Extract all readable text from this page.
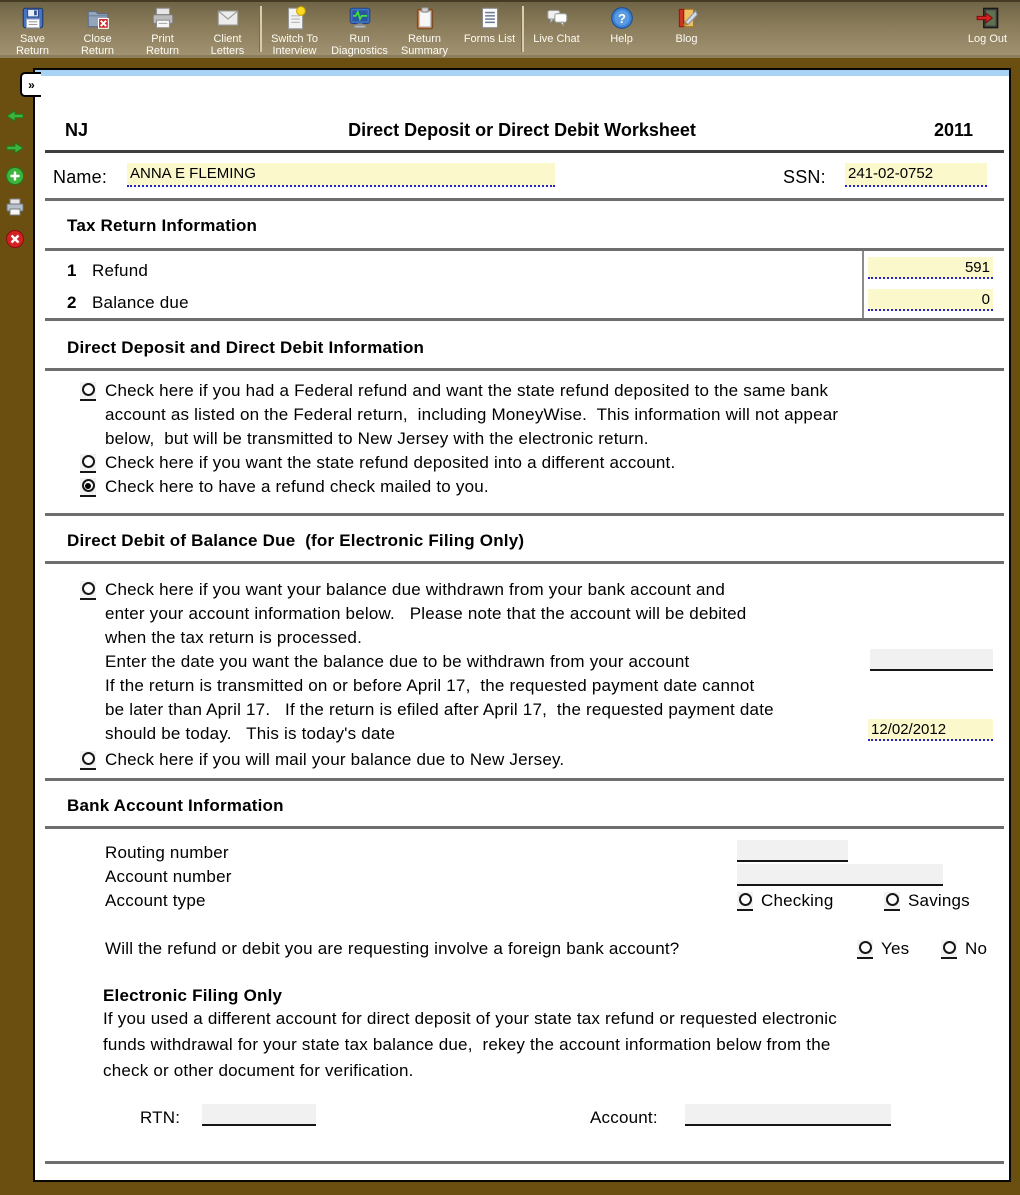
Save
Return
Close
Return
Print
Return
Client
Letters
Switch To
Interview
Run
Diagnostics
Return
Summary
Forms List Live Chat
?
Help	Blog	Log Out
»
NJ	Direct Deposit or Direct Debit Worksheet	2011
Name: ANNA E FLEMING	SSN: 241-02-0752
Tax Return Information
1 Refund	591
2 Balance due	0
Direct Deposit and Direct Debit Information
Check here if you had a Federal refund and want the state refund deposited to the same bank
account as listed on the Federal return,  including MoneyWise.  This information will not appear
below,  but will be transmitted to New Jersey with the electronic return.
Check here if you want the state refund deposited into a different account.
Check here to have a refund check mailed to you.
Direct Debit of Balance Due  (for Electronic Filing Only)
Check here if you want your balance due withdrawn from your bank account and
enter your account information below.   Please note that the account will be debited
when the tax return is processed.
Enter the date you want the balance due to be withdrawn from your account
If the return is transmitted on or before April 17,  the requested payment date cannot
be later than April 17.   If the return is efiled after April 17,  the requested payment date
should be today.   This is today's date	12/02/2012
Check here if you will mail your balance due to New Jersey.
Bank Account Information
Routing number
Account number
Account type	Checking	Savings
Will the refund or debit you are requesting involve a foreign bank account?	Yes	No
Electronic Filing Only
If you used a different account for direct deposit of your state tax refund or requested electronic
funds withdrawal for your state tax balance due,  rekey the account information below from the
check or other document for verification.
RTN:	Account:
